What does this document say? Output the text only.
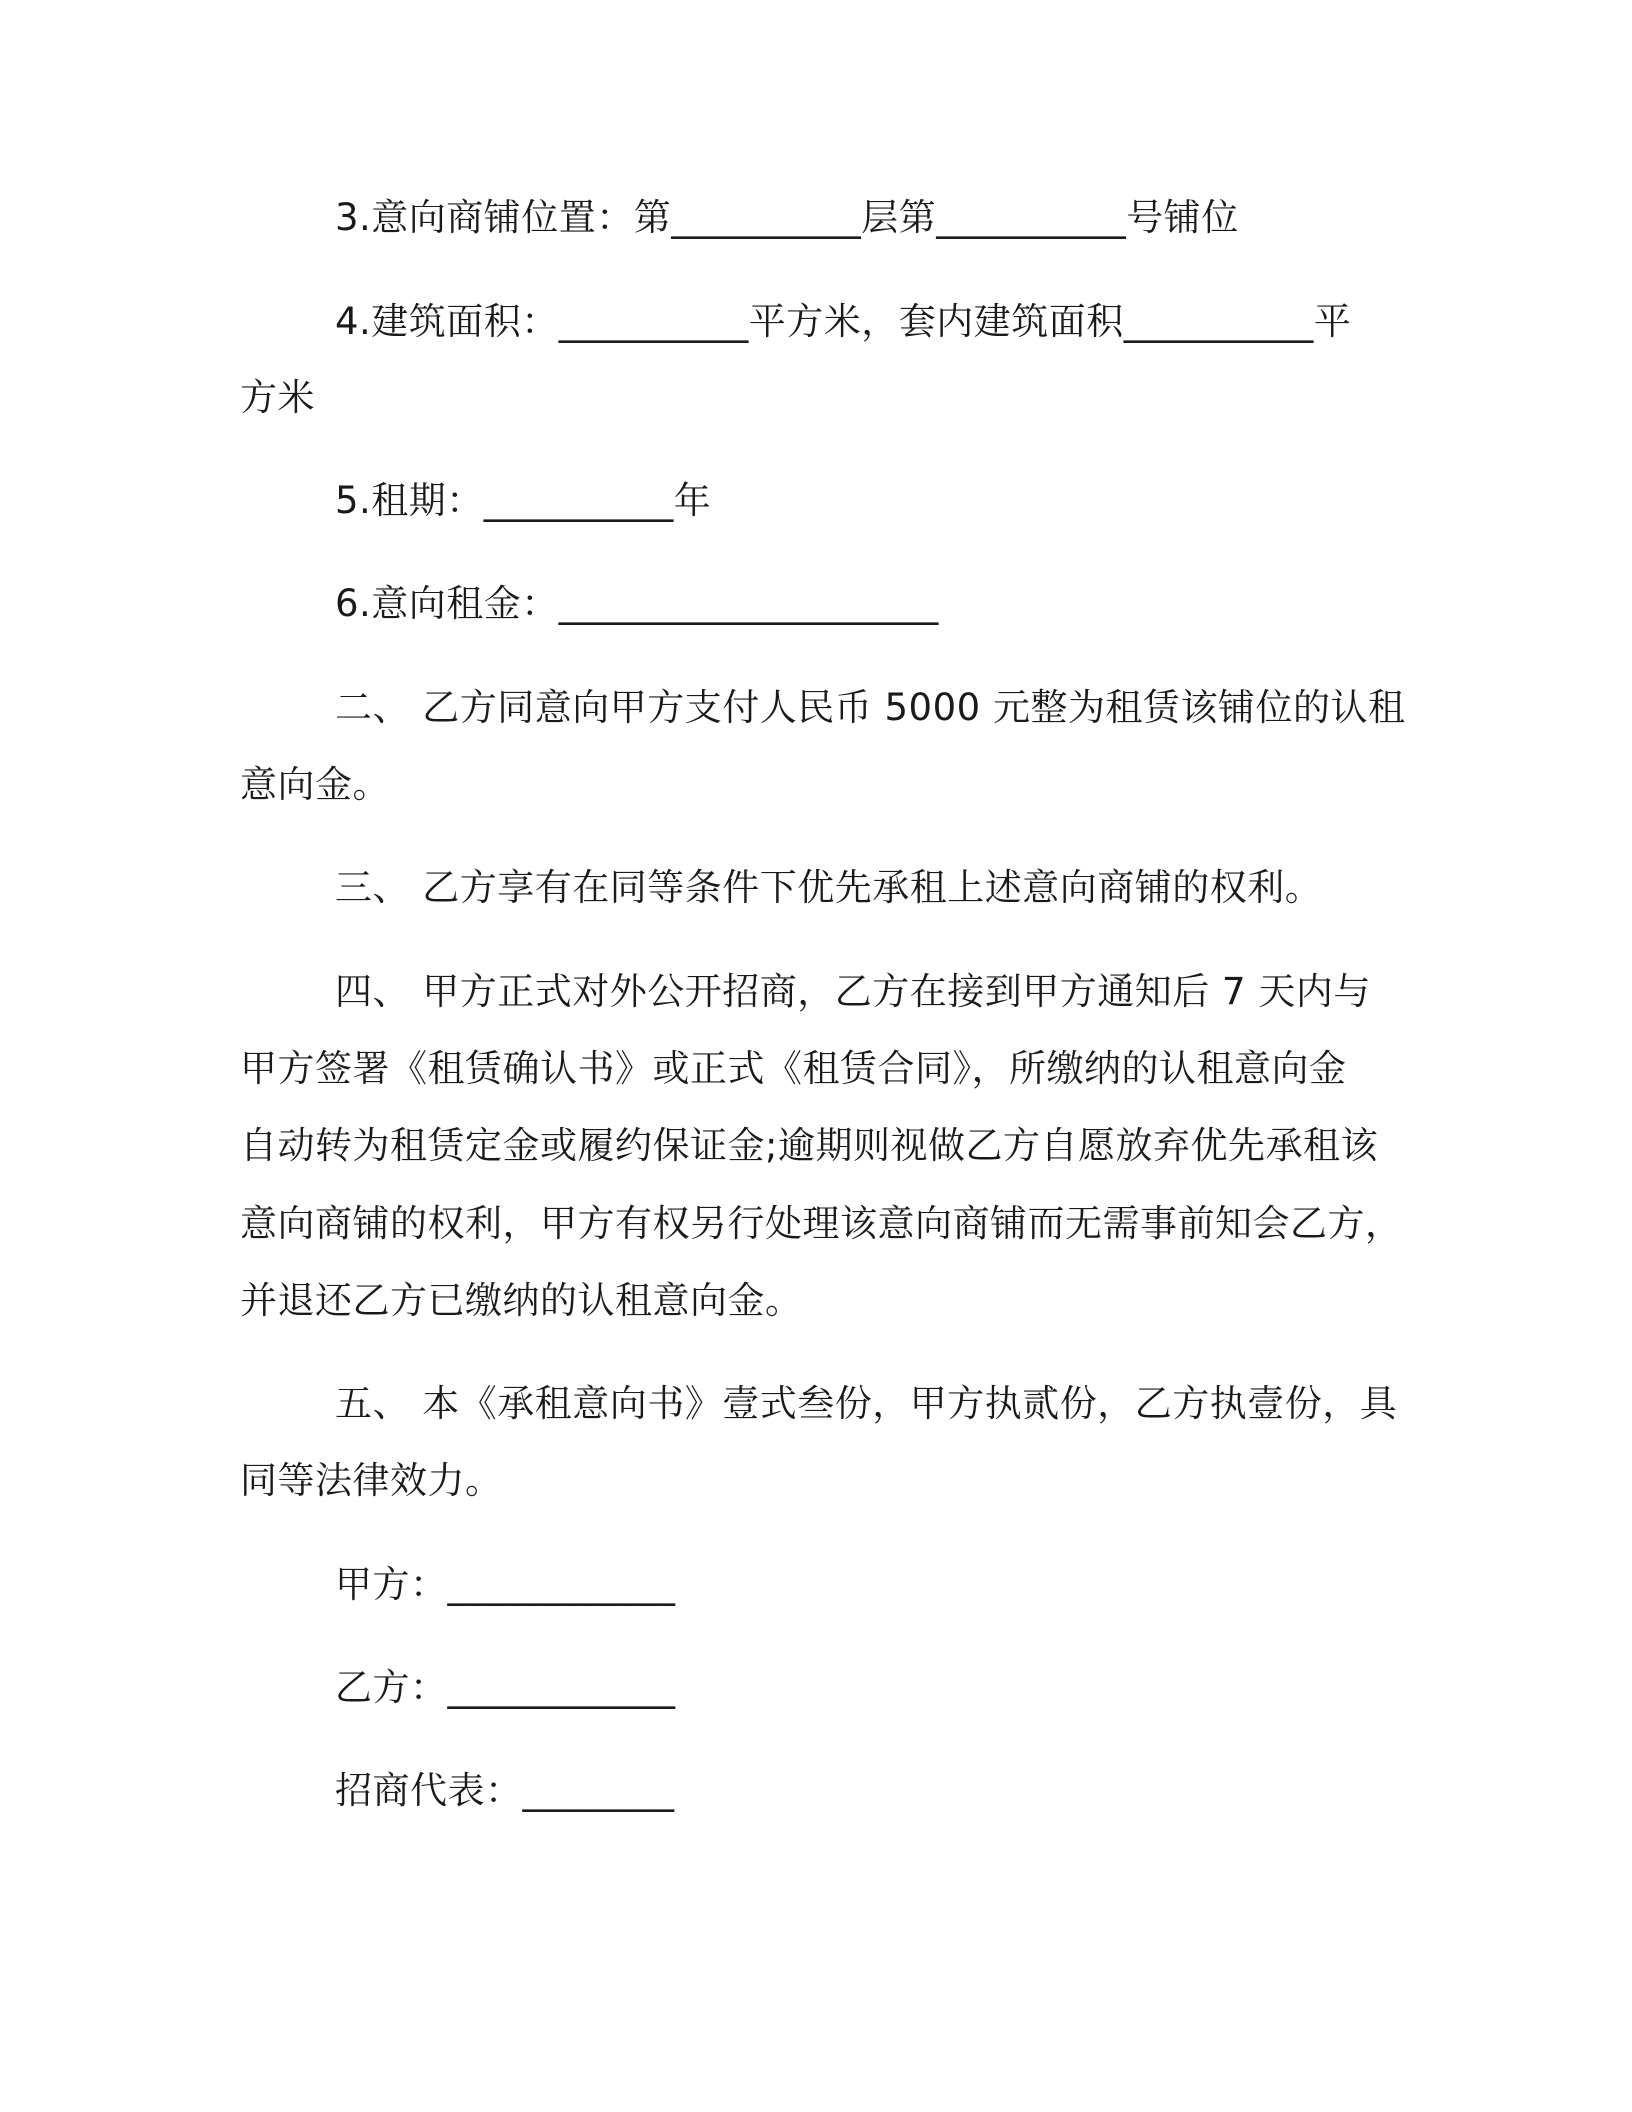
3.意向商铺位置：第__________层第__________号铺位
4.建筑面积：__________平方米，套内建筑面积__________平
方米
5.租期：__________年
6.意向租金：____________________
二、 乙方同意向甲方支付人民币 5000 元整为租赁该铺位的认租
意向金。
三、 乙方享有在同等条件下优先承租上述意向商铺的权利。
四、 甲方正式对外公开招商，乙方在接到甲方通知后 7 天内与
甲方签署《租赁确认书》或正式《租赁合同》，所缴纳的认租意向金
自动转为租赁定金或履约保证金;逾期则视做乙方自愿放弃优先承租该
意向商铺的权利，甲方有权另行处理该意向商铺而无需事前知会乙方，
并退还乙方已缴纳的认租意向金。
五、 本《承租意向书》壹式叁份，甲方执贰份，乙方执壹份，具
同等法律效力。
甲方：____________
乙方：____________
招商代表：________
